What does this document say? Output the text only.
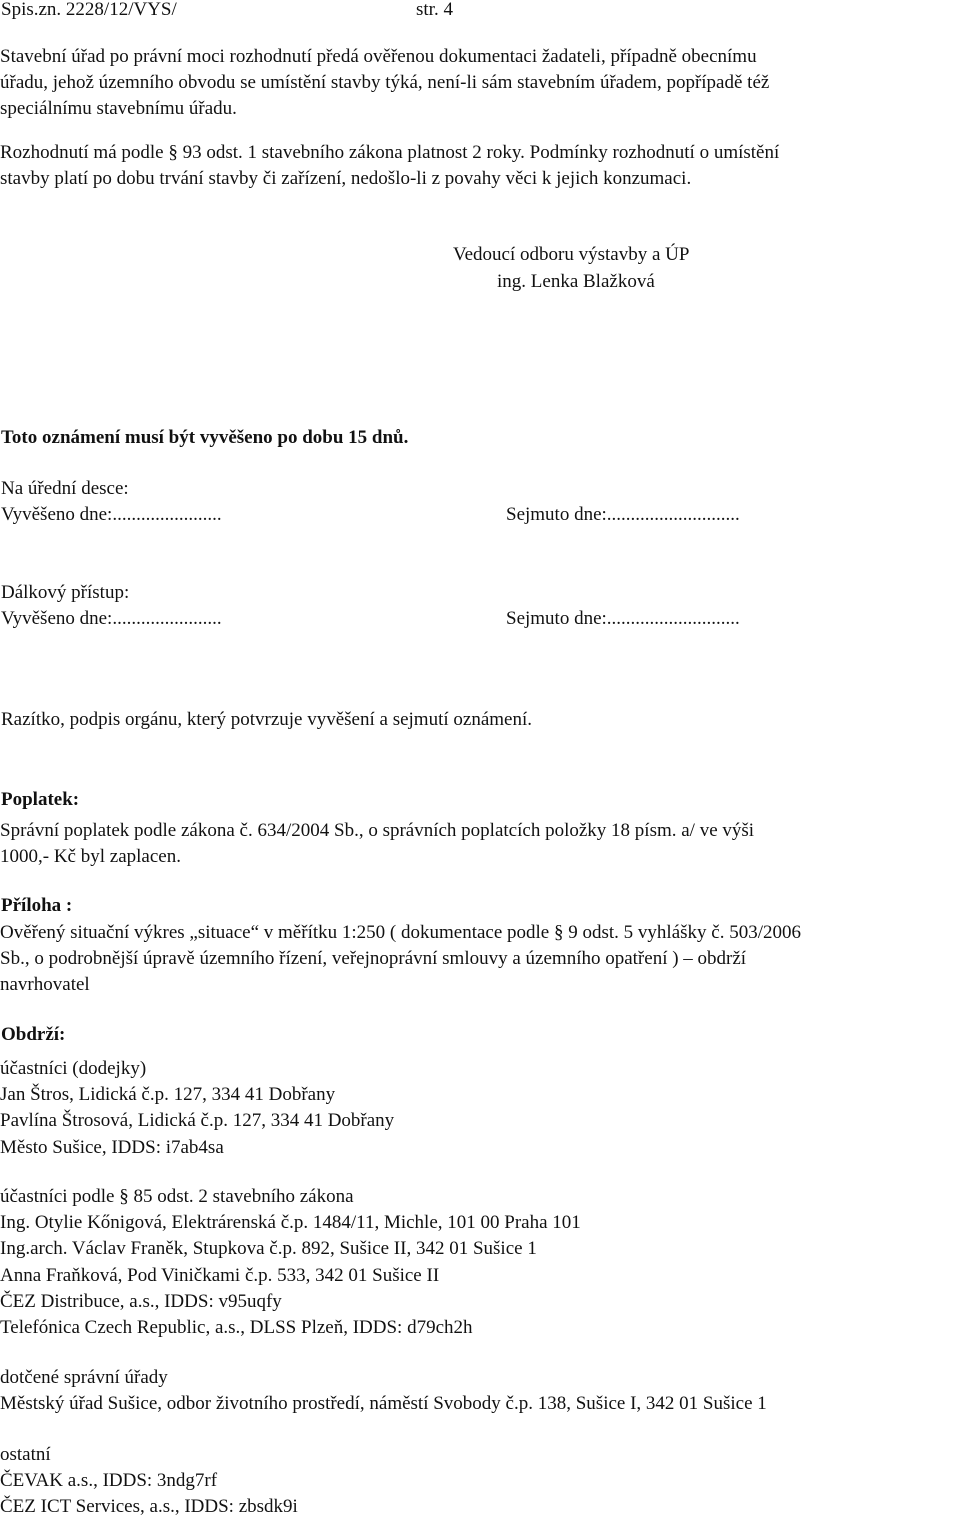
Spis.zn. 2228/12/VYS/	str. 4

Stavební úřad po právní moci rozhodnutí předá ověřenou dokumentaci žadateli, případně obecnímu

úřadu, jehož územního obvodu se umístění stavby týká, není-li sám stavebním úřadem, popřípadě též

speciálnímu stavebnímu úřadu.

Rozhodnutí má podle § 93 odst. 1 stavebního zákona platnost 2 roky. Podmínky rozhodnutí o umístění

stavby platí po dobu trvání stavby či zařízení, nedošlo-li z povahy věci k jejich konzumaci.

Vedoucí odboru výstavby a ÚP
ing. Lenka Blažková
Toto oznámení musí být vyvěšeno po dobu 15 dnů.
Na úřední desce:
Vyvěšeno dne:.......................	Sejmuto dne:............................
Dálkový přístup:
Vyvěšeno dne:.......................	Sejmuto dne:............................
Razítko, podpis orgánu, který potvrzuje vyvěšení a sejmutí oznámení.
Poplatek:

Správní poplatek podle zákona č. 634/2004 Sb., o správních poplatcích položky 18 písm. a/ ve výši

1000,- Kč byl zaplacen.

Příloha :

Ověřený situační výkres „situace“ v měřítku 1:250 ( dokumentace podle § 9 odst. 5 vyhlášky č. 503/2006

Sb., o podrobnější úpravě územního řízení, veřejnoprávní smlouvy a územního opatření ) – obdrží

navrhovatel

Obdrží:

účastníci (dodejky)

Jan Štros, Lidická č.p. 127, 334 41 Dobřany

Pavlína Štrosová, Lidická č.p. 127, 334 41 Dobřany

Město Sušice, IDDS: i7ab4sa

účastníci podle § 85 odst. 2 stavebního zákona

Ing. Otylie Kőnigová, Elektrárenská č.p. 1484/11, Michle, 101 00 Praha 101

Ing.arch. Václav Franěk, Stupkova č.p. 892, Sušice II, 342 01 Sušice 1

Anna Fraňková, Pod Viničkami č.p. 533, 342 01 Sušice II

ČEZ Distribuce, a.s., IDDS: v95uqfy

Telefónica Czech Republic, a.s., DLSS Plzeň, IDDS: d79ch2h

dotčené správní úřady

Městský úřad Sušice, odbor životního prostředí, náměstí Svobody č.p. 138, Sušice I, 342 01 Sušice 1

ostatní

ČEVAK a.s., IDDS: 3ndg7rf

ČEZ ICT Services, a.s., IDDS: zbsdk9i
